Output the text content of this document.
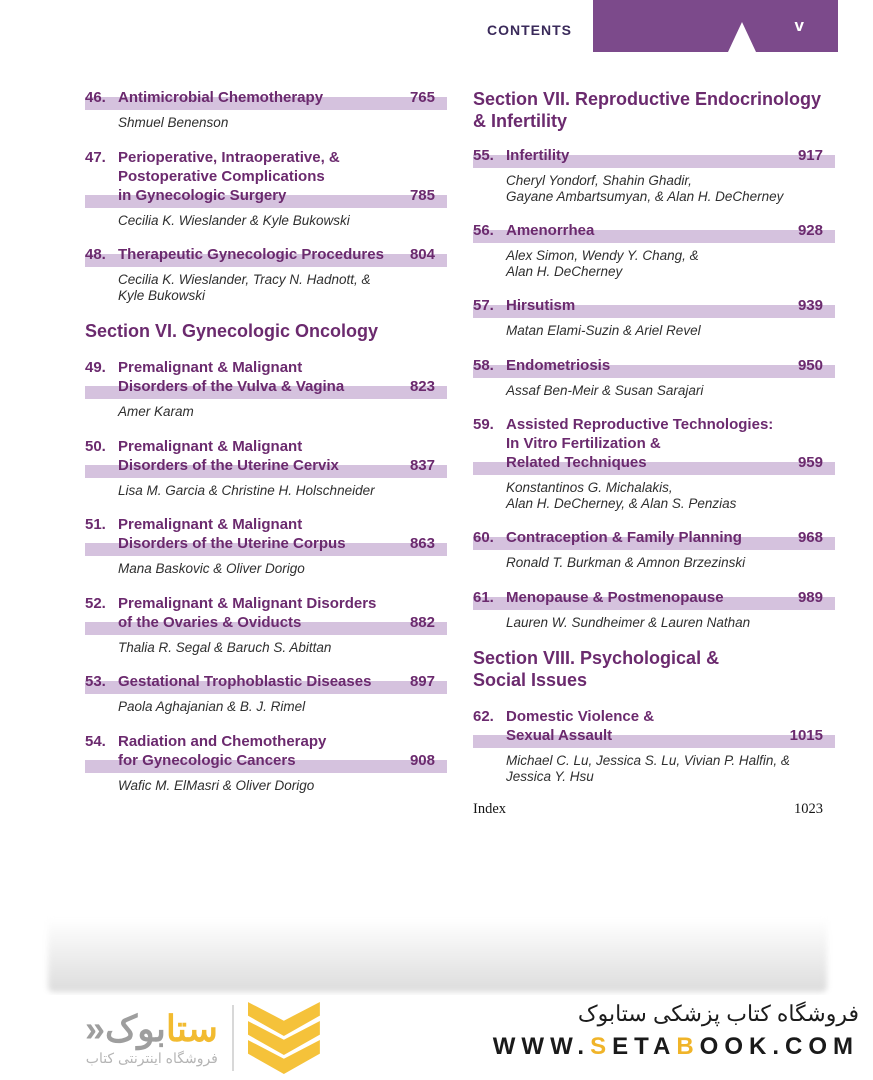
CONTENTS	v
46. Antimicrobial Chemotherapy	765
Shmuel Benenson
47. Perioperative, Intraoperative, &
Postoperative Complications
in Gynecologic Surgery	785
Cecilia K. Wieslander & Kyle Bukowski
48. Therapeutic Gynecologic Procedures	804
Cecilia K. Wieslander, Tracy N. Hadnott, &
Kyle Bukowski
Section VI. Gynecologic Oncology
49. Premalignant & Malignant
Disorders of the Vulva & Vagina	823
Amer Karam
50. Premalignant & Malignant
Disorders of the Uterine Cervix	837
Lisa M. Garcia & Christine H. Holschneider
51. Premalignant & Malignant
Disorders of the Uterine Corpus	863
Mana Baskovic & Oliver Dorigo
52. Premalignant & Malignant Disorders
of the Ovaries & Oviducts	882
Thalia R. Segal & Baruch S. Abittan
53. Gestational Trophoblastic Diseases	897
Paola Aghajanian & B. J. Rimel
54. Radiation and Chemotherapy
for Gynecologic Cancers	908
Wafic M. ElMasri & Oliver Dorigo
Section VII. Reproductive Endocrinology
& Infertility
55. Infertility	917
Cheryl Yondorf, Shahin Ghadir,
Gayane Ambartsumyan, & Alan H. DeCherney
56. Amenorrhea	928
Alex Simon, Wendy Y. Chang, &
Alan H. DeCherney
57. Hirsutism	939
Matan Elami-Suzin & Ariel Revel
58. Endometriosis	950
Assaf Ben-Meir & Susan Sarajari
59. Assisted Reproductive Technologies:
In Vitro Fertilization &
Related Techniques	959
Konstantinos G. Michalakis,
Alan H. DeCherney, & Alan S. Penzias
60. Contraception & Family Planning	968
Ronald T. Burkman & Amnon Brzezinski
61. Menopause & Postmenopause	989
Lauren W. Sundheimer & Lauren Nathan
Section VIII. Psychological &
Social Issues
62. Domestic Violence &
Sexual Assault	1015
Michael C. Lu, Jessica S. Lu, Vivian P. Halfin, &
Jessica Y. Hsu
Index	1023
ستابوک«
فروشگاه اینترنتی کتاب
فروشگاه کتاب پزشکی ستابوک
WWW.SETABOOK.COM
